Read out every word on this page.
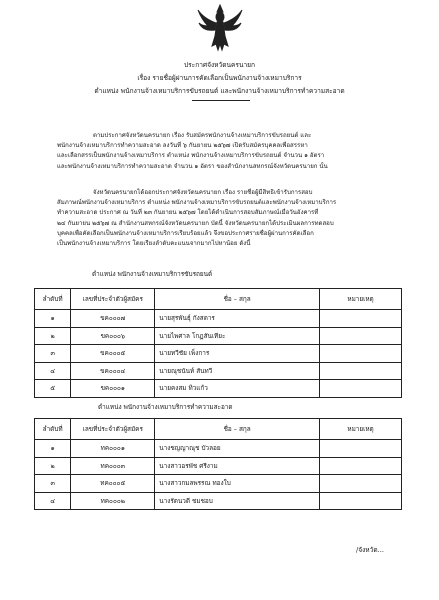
ประกาศจังหวัดนครนายก
เรื่อง รายชื่อผู้ผ่านการคัดเลือกเป็นพนักงานจ้างเหมาบริการ
ตำแหน่ง พนักงานจ้างเหมาบริการขับรถยนต์ และพนักงานจ้างเหมาบริการทำความสะอาด
ตามประกาศจังหวัดนครนายก เรื่อง รับสมัครพนักงานจ้างเหมาบริการขับรถยนต์ และ
พนักงานจ้างเหมาบริการทำความสะอาด ลงวันที่ ๖ กันยายน ๒๕๖๗ เปิดรับสมัครบุคคลเพื่อสรรหา
และเลือกสรรเป็นพนักงานจ้างเหมาบริการ ตำแหน่ง พนักงานจ้างเหมาบริการขับรถยนต์ จำนวน ๑ อัตรา
และพนักงานจ้างเหมาบริการทำความสะอาด จำนวน ๑ อัตรา ของสำนักงานสหกรณ์จังหวัดนครนายก นั้น
จังหวัดนครนายกได้ออกประกาศจังหวัดนครนายก เรื่อง รายชื่อผู้มีสิทธิเข้ารับการสอบ
สัมภาษณ์พนักงานจ้างเหมาบริการ ตำแหน่ง พนักงานจ้างเหมาบริการขับรถยนต์และพนักงานจ้างเหมาบริการ
ทำความสะอาด ประกาศ ณ วันที่ ๒๓ กันยายน ๒๕๖๗ โดยได้ดำเนินการสอบสัมภาษณ์เมื่อวันอังคารที่
๒๔ กันยายน ๒๕๖๗ ณ สำนักงานสหกรณ์จังหวัดนครนายก บัดนี้ จังหวัดนครนายกได้ประเมินผลการทดสอบ
บุคคลเพื่อคัดเลือกเป็นพนักงานจ้างเหมาบริการเรียบร้อยแล้ว จึงขอประกาศรายชื่อผู้ผ่านการคัดเลือก
เป็นพนักงานจ้างเหมาบริการ โดยเรียงลำดับคะแนนจากมากไปหาน้อย ดังนี้
ตำแหน่ง พนักงานจ้างเหมาบริการขับรถยนต์
ลำดับที่	เลขที่ประจำตัวผู้สมัคร	ชื่อ – สกุล	หมายเหตุ
๑	ขค๐๐๐๗	นายสุรพันธุ์ กังสดาร	
๒	ขค๐๐๐๖	นายไพศาล โกฏสันเทียะ	
๓	ขค๐๐๐๕	นายทวีชัย เพ็งการ	
๔	ขค๐๐๐๔	นายณุชนันท์ สันทวี	
๕	ขค๐๐๐๑	นายคงสม ทิวแก้ว	
ตำแหน่ง พนักงานจ้างเหมาบริการทำความสะอาด
ลำดับที่	เลขที่ประจำตัวผู้สมัคร	ชื่อ – สกุล	หมายเหตุ
๑	ทค๐๐๐๑	นางชญญาณุช บัวลอย	
๒	ทค๐๐๐๓	นางสาวอรพัช ศรีงาม	
๓	ทค๐๐๐๕	นางสาวกมลพรรณ ทองใบ	
๔	ทค๐๐๐๒	นางรัตนวดี ชมชอบ	
/จังหวัด...
